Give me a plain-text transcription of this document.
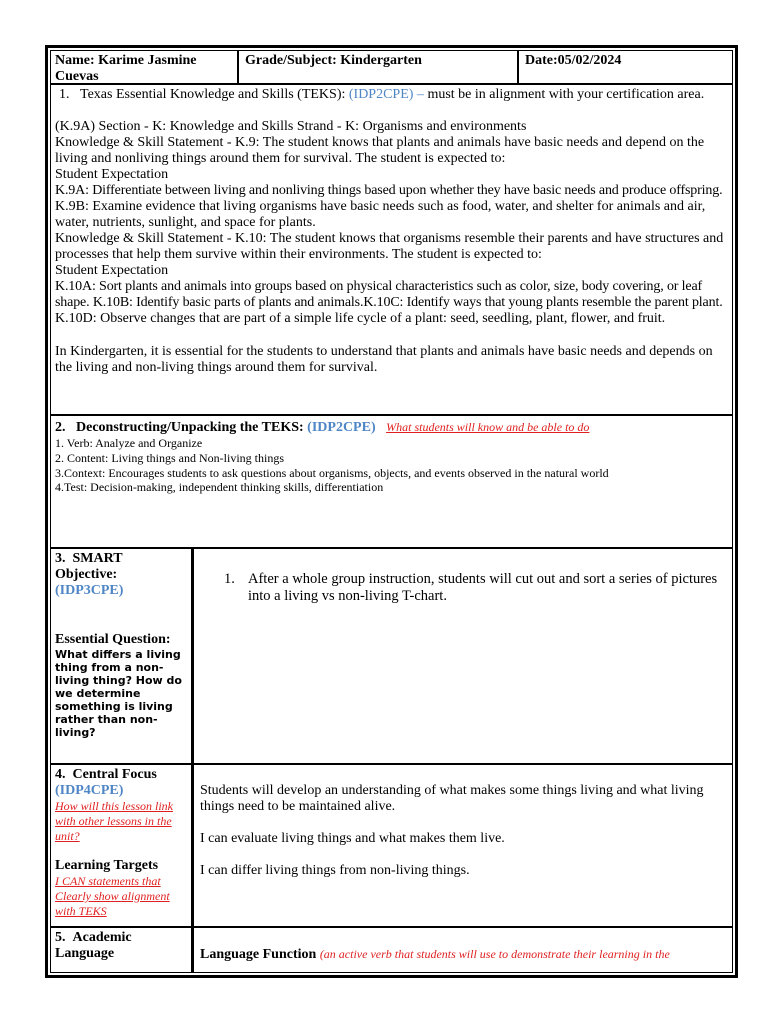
Name: Karime Jasmine Cuevas

Grade/Subject: Kindergarten	Date:05/02/2024

1. Texas Essential Knowledge and Skills (TEKS): (IDP2CPE) – must be in alignment with your certification area.

(K.9A) Section - K: Knowledge and Skills Strand - K: Organisms and environments

Knowledge & Skill Statement - K.9: The student knows that plants and animals have basic needs and depend on the living and nonliving things around them for survival. The student is expected to:

Student Expectation

K.9A: Differentiate between living and nonliving things based upon whether they have basic needs and produce offspring.

K.9B: Examine evidence that living organisms have basic needs such as food, water, and shelter for animals and air, water, nutrients, sunlight, and space for plants.

Knowledge & Skill Statement - K.10: The student knows that organisms resemble their parents and have structures and processes that help them survive within their environments. The student is expected to:

Student Expectation

K.10A: Sort plants and animals into groups based on physical characteristics such as color, size, body covering, or leaf shape. K.10B: Identify basic parts of plants and animals.K.10C: Identify ways that young plants resemble the parent plant.

K.10D: Observe changes that are part of a simple life cycle of a plant: seed, seedling, plant, flower, and fruit.

In Kindergarten, it is essential for the students to understand that plants and animals have basic needs and depends on the living and non-living things around them for survival.

2.   Deconstructing/Unpacking the TEKS: (IDP2CPE) What students will know and be able to do

1. Verb: Analyze and Organize

2. Content: Living things and Non-living things

3.Context: Encourages students to ask questions about organisms, objects, and events observed in the natural world

4.Test: Decision-making, independent thinking skills, differentiation

3.  SMART Objective:

(IDP3CPE)

Essential Question:

What differs a living thing from a non-living thing? How do we determine something is living rather than non-living?

1. After a whole group instruction, students will cut out and sort a series of pictures into a living vs non-living T-chart.

4.  Central Focus

(IDP4CPE)

How will this lesson link with other lessons in the unit?

Learning Targets

I CAN statements that Clearly show alignment with TEKS

Students will develop an understanding of what makes some things living and what living things need to be maintained alive.

I can evaluate living things and what makes them live.

I can differ living things from non-living things.

5.  Academic Language	Language Function (an active verb that students will use to demonstrate their learning in the
